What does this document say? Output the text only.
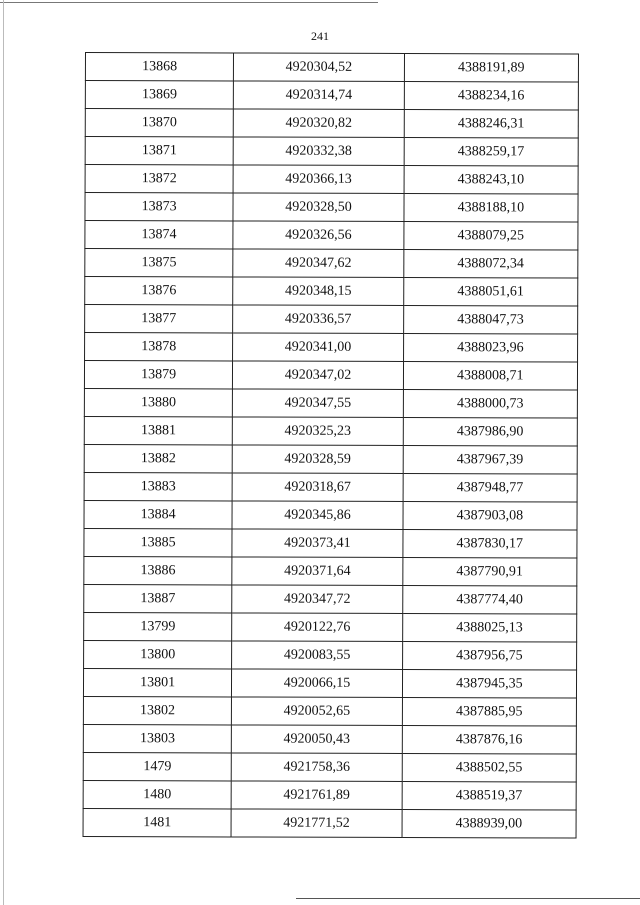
241
13868	4920304,52	4388191,89
13869	4920314,74	4388234,16
13870	4920320,82	4388246,31
13871	4920332,38	4388259,17
13872	4920366,13	4388243,10
13873	4920328,50	4388188,10
13874	4920326,56	4388079,25
13875	4920347,62	4388072,34
13876	4920348,15	4388051,61
13877	4920336,57	4388047,73
13878	4920341,00	4388023,96
13879	4920347,02	4388008,71
13880	4920347,55	4388000,73
13881	4920325,23	4387986,90
13882	4920328,59	4387967,39
13883	4920318,67	4387948,77
13884	4920345,86	4387903,08
13885	4920373,41	4387830,17
13886	4920371,64	4387790,91
13887	4920347,72	4387774,40
13799	4920122,76	4388025,13
13800	4920083,55	4387956,75
13801	4920066,15	4387945,35
13802	4920052,65	4387885,95
13803	4920050,43	4387876,16
1479	4921758,36	4388502,55
1480	4921761,89	4388519,37
1481	4921771,52	4388939,00
